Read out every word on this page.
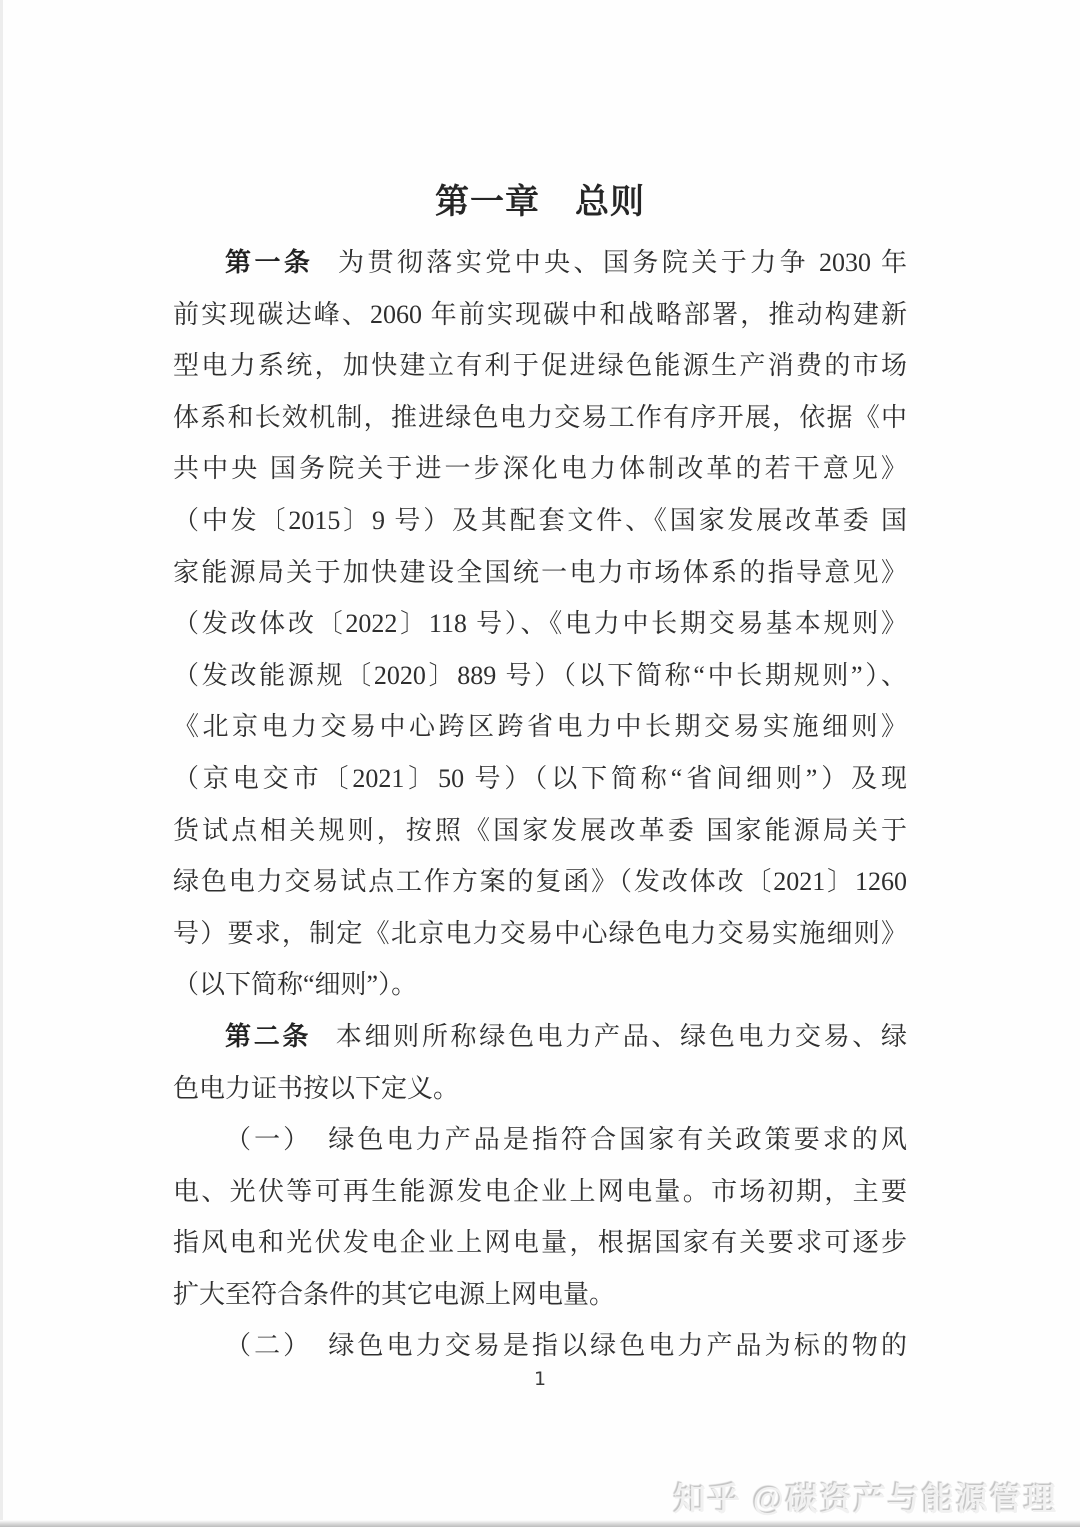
第一章　总则
第一条 为贯彻落实党中央、国务院关于力争 2030 年
前实现碳达峰、2060 年前实现碳中和战略部署，推动构建新
型电力系统，加快建立有利于促进绿色能源生产消费的市场
体系和长效机制，推进绿色电力交易工作有序开展，依据《中
共中央 国务院关于进一步深化电力体制改革的若干意见》
（中发〔2015〕9 号）及其配套文件、《国家发展改革委 国
家能源局关于加快建设全国统一电力市场体系的指导意见》
（发改体改〔2022〕118 号）、《电力中长期交易基本规则》
（发改能源规〔2020〕889 号）（以下简称“中长期规则”）、
《北京电力交易中心跨区跨省电力中长期交易实施细则》
（京电交市〔2021〕50 号）（以下简称“省间细则”）及现
货试点相关规则，按照《国家发展改革委 国家能源局关于
绿色电力交易试点工作方案的复函》（发改体改〔2021〕1260
号）要求，制定《北京电力交易中心绿色电力交易实施细则》
（以下简称“细则”）。
第二条 本细则所称绿色电力产品、绿色电力交易、绿
色电力证书按以下定义。
（一）　绿色电力产品是指符合国家有关政策要求的风
电、光伏等可再生能源发电企业上网电量。市场初期，主要
指风电和光伏发电企业上网电量，根据国家有关要求可逐步
扩大至符合条件的其它电源上网电量。
（二）　绿色电力交易是指以绿色电力产品为标的物的
1
知乎 @碳资产与能源管理
